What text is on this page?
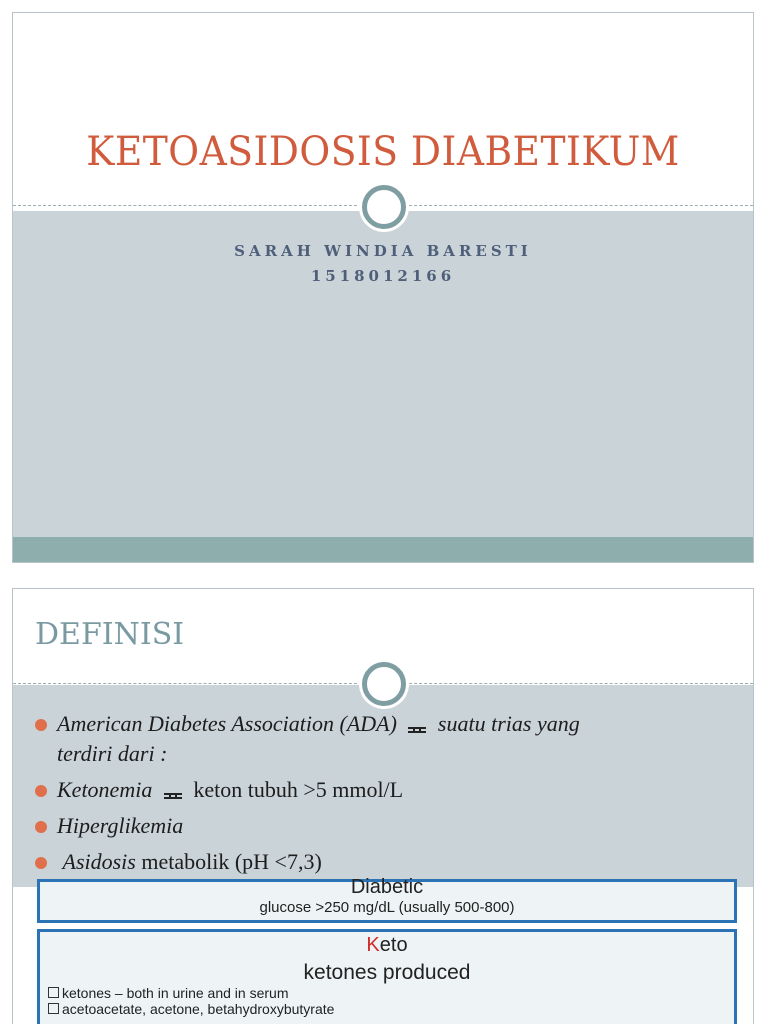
KETOASIDOSIS DIABETIKUM
SARAH WINDIA BARESTI
1518012166
DEFINISI
American Diabetes Association (ADA) suatu trias yang
terdiri dari :
Ketonemia keton tubuh >5 mmol/L
Hiperglikemia
Asidosis metabolik (pH <7,3)
Diabetic
glucose >250 mg/dL (usually 500-800)
Keto
ketones produced
ketones – both in urine and in serum
acetoacetate, acetone, betahydroxybutyrate
